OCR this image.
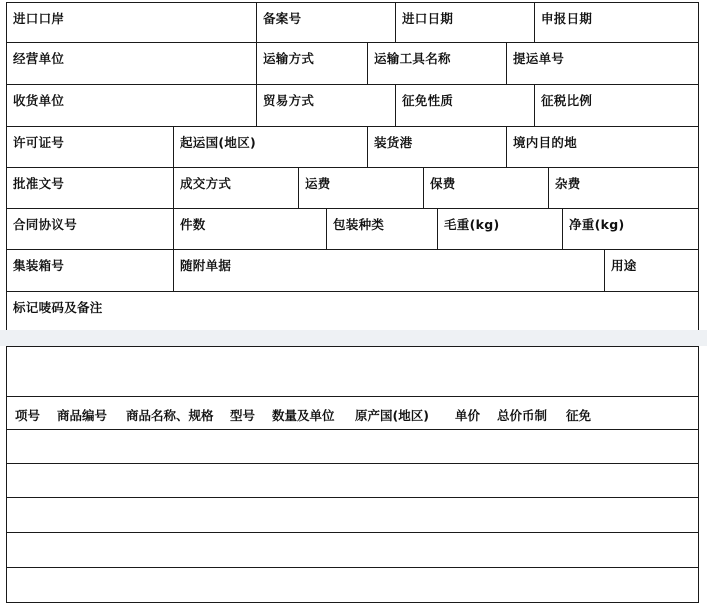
进口口岸	备案号	进口日期	申报日期
经营单位	运输方式	运输工具名称	提运单号
收货单位	贸易方式	征免性质	征税比例
许可证号	起运国(地区)	装货港	境内目的地
批准文号	成交方式	运费	保费	杂费
合同协议号	件数	包装种类	毛重(kg)	净重(kg)
集装箱号	随附单据	用途
标记唛码及备注
项号 商品编号 商品名称、规格 型号 数量及单位 原产国(地区) 单价 总价币制 征免
